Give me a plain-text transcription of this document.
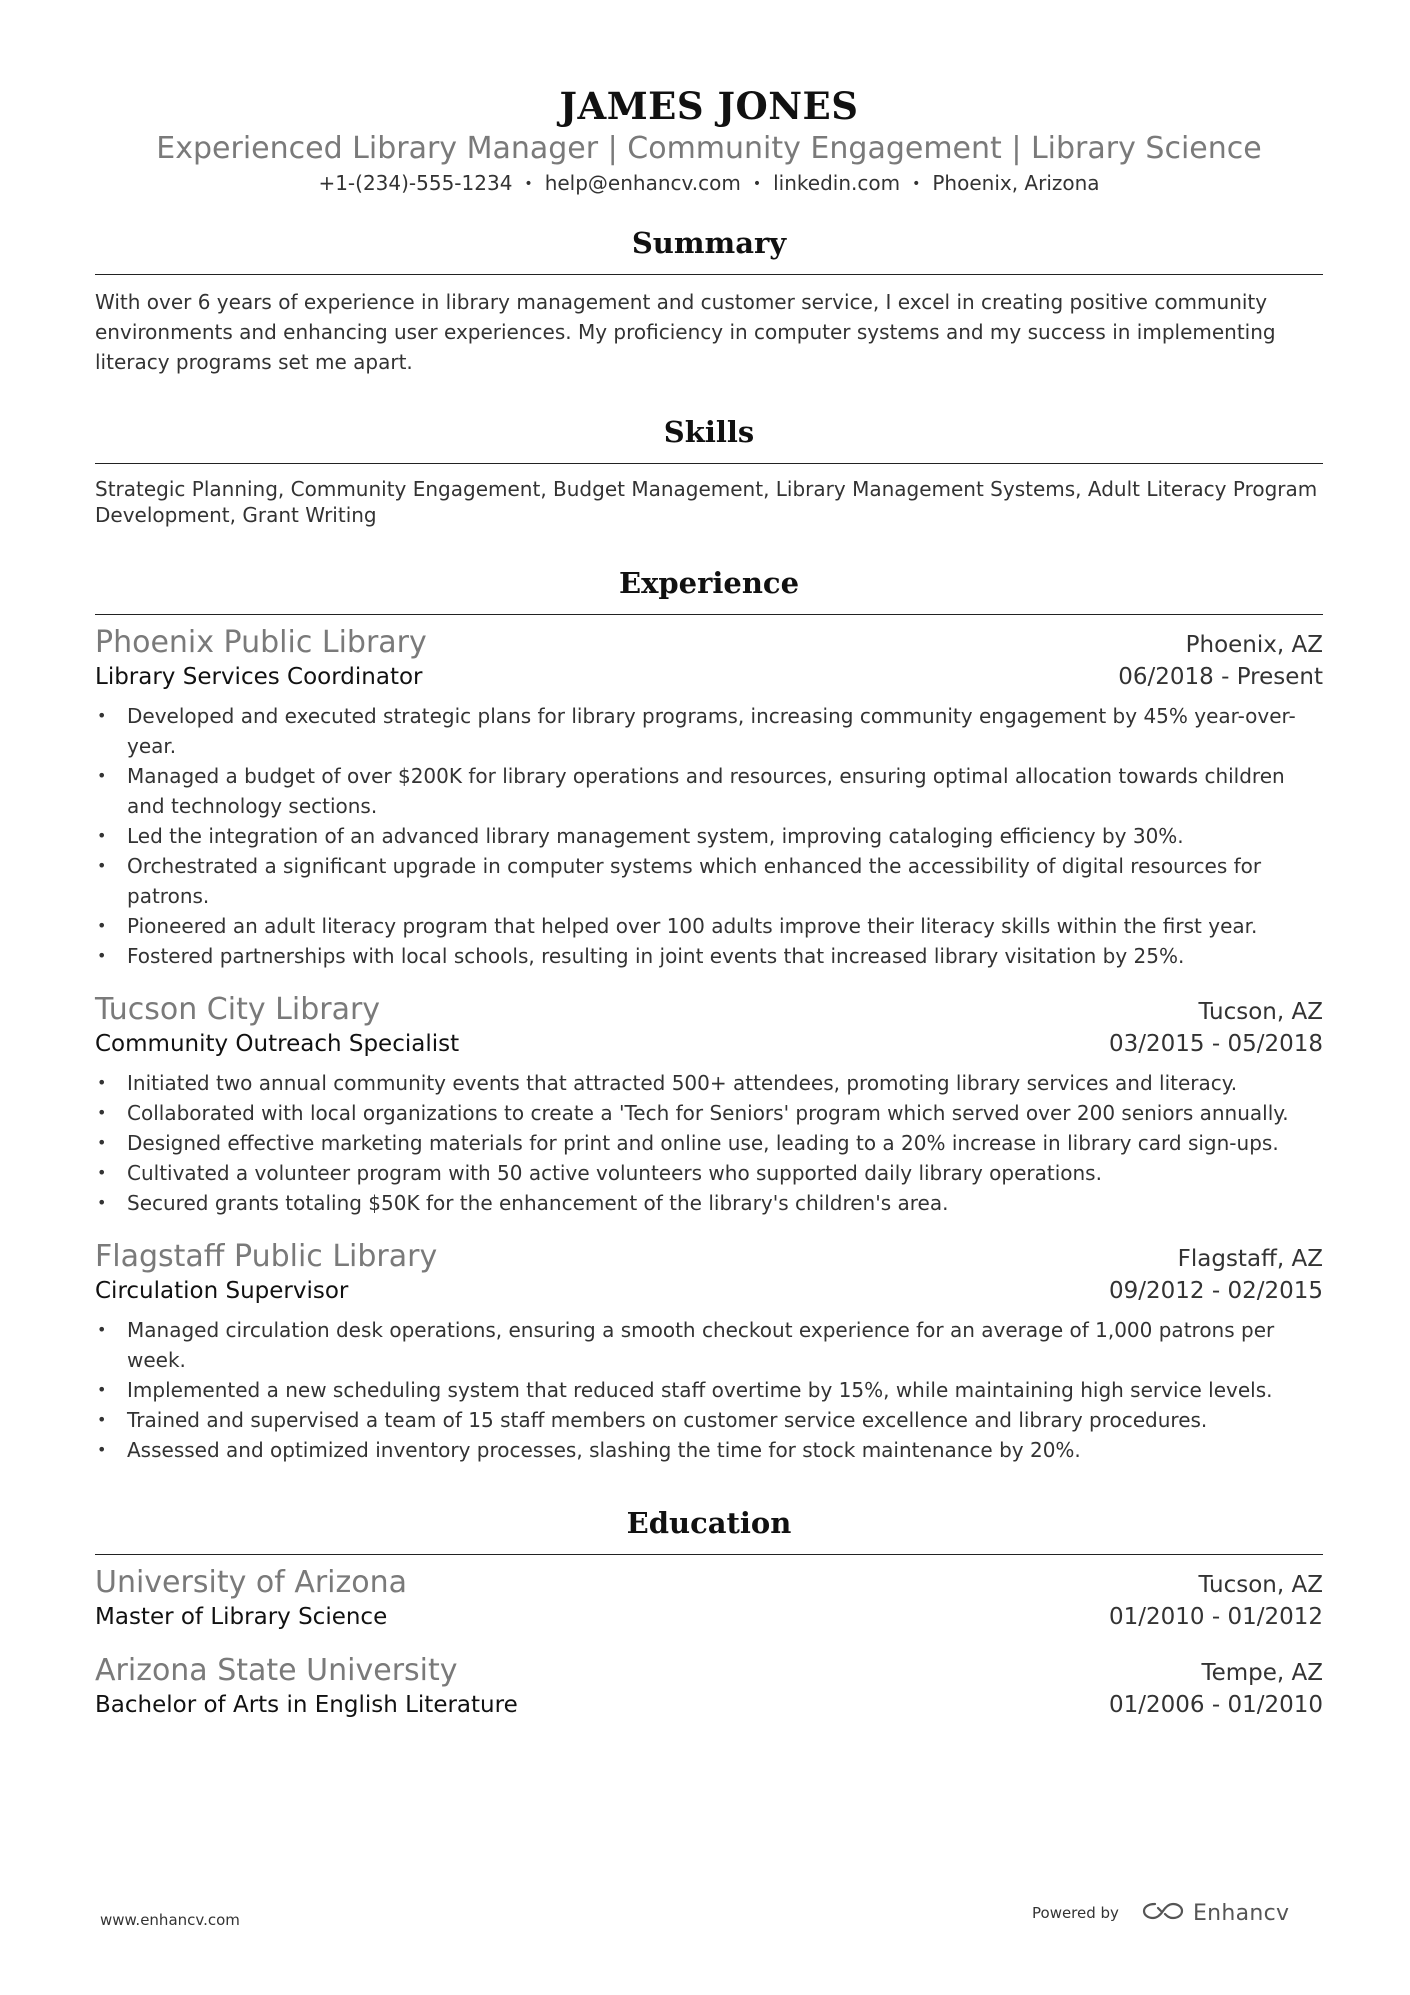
JAMES JONES
Experienced Library Manager | Community Engagement | Library Science
+1-(234)-555-1234 • help@enhancv.com • linkedin.com • Phoenix, Arizona
Summary
With over 6 years of experience in library management and customer service, I excel in creating positive community environments and enhancing user experiences. My proficiency in computer systems and my success in implementing literacy programs set me apart.
Skills
Strategic Planning, Community Engagement, Budget Management, Library Management Systems, Adult Literacy Program Development, Grant Writing
Experience
Phoenix Public Library	Phoenix, AZ
Library Services Coordinator	06/2018 - Present
• Developed and executed strategic plans for library programs, increasing community engagement by 45% year-over-year.
• Managed a budget of over $200K for library operations and resources, ensuring optimal allocation towards children and technology sections.
• Led the integration of an advanced library management system, improving cataloging efficiency by 30%.
• Orchestrated a significant upgrade in computer systems which enhanced the accessibility of digital resources for patrons.
• Pioneered an adult literacy program that helped over 100 adults improve their literacy skills within the first year.
• Fostered partnerships with local schools, resulting in joint events that increased library visitation by 25%.
Tucson City Library	Tucson, AZ
Community Outreach Specialist	03/2015 - 05/2018
• Initiated two annual community events that attracted 500+ attendees, promoting library services and literacy.
• Collaborated with local organizations to create a 'Tech for Seniors' program which served over 200 seniors annually.
• Designed effective marketing materials for print and online use, leading to a 20% increase in library card sign-ups.
• Cultivated a volunteer program with 50 active volunteers who supported daily library operations.
• Secured grants totaling $50K for the enhancement of the library's children's area.
Flagstaff Public Library	Flagstaff, AZ
Circulation Supervisor	09/2012 - 02/2015
• Managed circulation desk operations, ensuring a smooth checkout experience for an average of 1,000 patrons per week.
• Implemented a new scheduling system that reduced staff overtime by 15%, while maintaining high service levels.
• Trained and supervised a team of 15 staff members on customer service excellence and library procedures.
• Assessed and optimized inventory processes, slashing the time for stock maintenance by 20%.
Education
University of Arizona	Tucson, AZ
Master of Library Science	01/2010 - 01/2012
Arizona State University	Tempe, AZ
Bachelor of Arts in English Literature	01/2006 - 01/2010
www.enhancv.com	Powered by	Enhancv
